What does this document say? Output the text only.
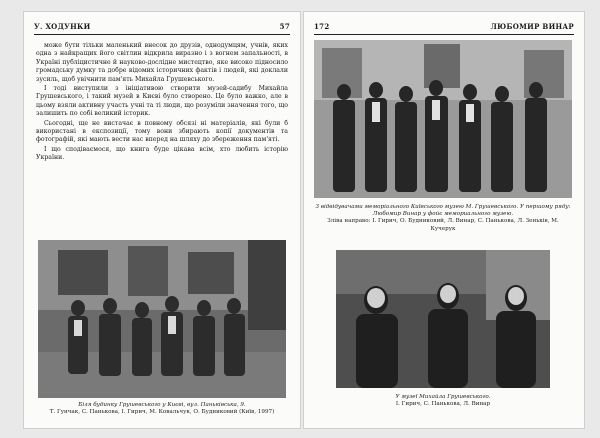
У. ХОДУНКИ	57

може бути тільки маленький внесок до друзів, однодумцям, учнів, яких одна з найкращих його світлин відкрила виразно і з вогнем запальності, в Україні публіцистичне й науково-дослідне мистецтво, яке високо підносило громадську думку та добре відомих історичних фактів і людей, які доклали зусиль, щоб увічнити пам'ять Михайла Грушевського.

І тоді виступили з ініціативою створити музей-садибу Михайла Грушевського, і такий музей в Києві було створено. Це було важко, але в цьому взяли активну участь учні та ті люди, що розуміли значення того, що залишить по собі великий історик.

Сьогодні, ще не вистачає в повному обсязі ні матеріалів, які були б використані в експозиції, тому вони збирають копії документів та фотографій, які мають вести нас вперед на шляху до збереження пам'яті.

І що сподіваємося, що книга буде цікава всім, хто любить історію України.

Біля будинку Грушевського у Києві, вул. Паньківська, 9.
Т. Гунчак, С. Панькова, І. Гирич, М. Ковальчук, О. Будниковий (Київ, 1997)
172	ЛЮБОМИР ВИНАР
З відвідувачами меморіального Київського музею М. Грушевського. У першому ряду: Любомир Винар у фойє мемориального музею.
Зліва направо: І. Гирич, О. Будниковий, Л. Винар, С. Панькова, Л. Зеньків, М. Кучерук
У музеї Михайла Грушевського.
І. Гирич, С. Панькова, Л. Винар
